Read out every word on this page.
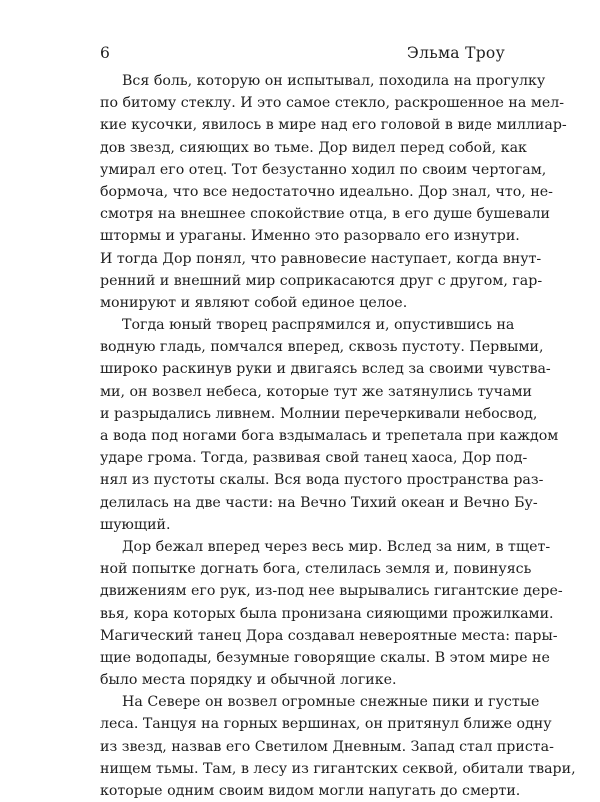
6	Эльма Троу
Вся боль, которую он испытывал, походила на прогулку
по битому стеклу. И это самое стекло, раскрошенное на мел-
кие кусочки, явилось в мире над его головой в виде миллиар-
дов звезд, сияющих во тьме. Дор видел перед собой, как
умирал его отец. Тот безустанно ходил по своим чертогам,
бормоча, что все недостаточно идеально. Дор знал, что, не-
смотря на внешнее спокойствие отца, в его душе бушевали
штормы и ураганы. Именно это разорвало его изнутри.
И тогда Дор понял, что равновесие наступает, когда внут-
ренний и внешний мир соприкасаются друг с другом, гар-
монируют и являют собой единое целое.
Тогда юный творец распрямился и, опустившись на
водную гладь, помчался вперед, сквозь пустоту. Первыми,
широко раскинув руки и двигаясь вслед за своими чувства-
ми, он возвел небеса, которые тут же затянулись тучами
и разрыдались ливнем. Молнии перечеркивали небосвод,
а вода под ногами бога вздымалась и трепетала при каждом
ударе грома. Тогда, развивая свой танец хаоса, Дор под-
нял из пустоты скалы. Вся вода пустого пространства раз-
делилась на две части: на Вечно Тихий океан и Вечно Бу-
шующий.
Дор бежал вперед через весь мир. Вслед за ним, в тщет-
ной попытке догнать бога, стелилась земля и, повинуясь
движениям его рук, из-под нее вырывались гигантские дере-
вья, кора которых была пронизана сияющими прожилками.
Магический танец Дора создавал невероятные места: пары-
щие водопады, безумные говорящие скалы. В этом мире не
было места порядку и обычной логике.
На Севере он возвел огромные снежные пики и густые
леса. Танцуя на горных вершинах, он притянул ближе одну
из звезд, назвав его Светилом Дневным. Запад стал приста-
нищем тьмы. Там, в лесу из гигантских секвой, обитали твари,
которые одним своим видом могли напугать до смерти.
